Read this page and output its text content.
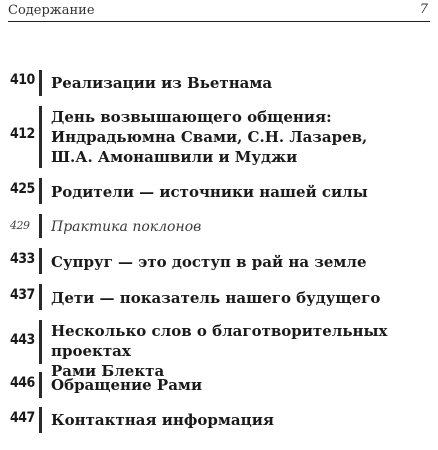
Содержание	7
410 Реализации из Вьетнама
412
День возвышающего общения:
Индрадьюмна Свами, С.Н. Лазарев,
Ш.А. Амонашвили и Муджи
425 Родители — источники нашей силы
429	Практика поклонов
433 Супруг — это доступ в рай на земле
437 Дети — показатель нашего будущего
443 Несколько слов о благотворительных проектах
Рами Блекта
446 Обращение Рами
447 Контактная информация
